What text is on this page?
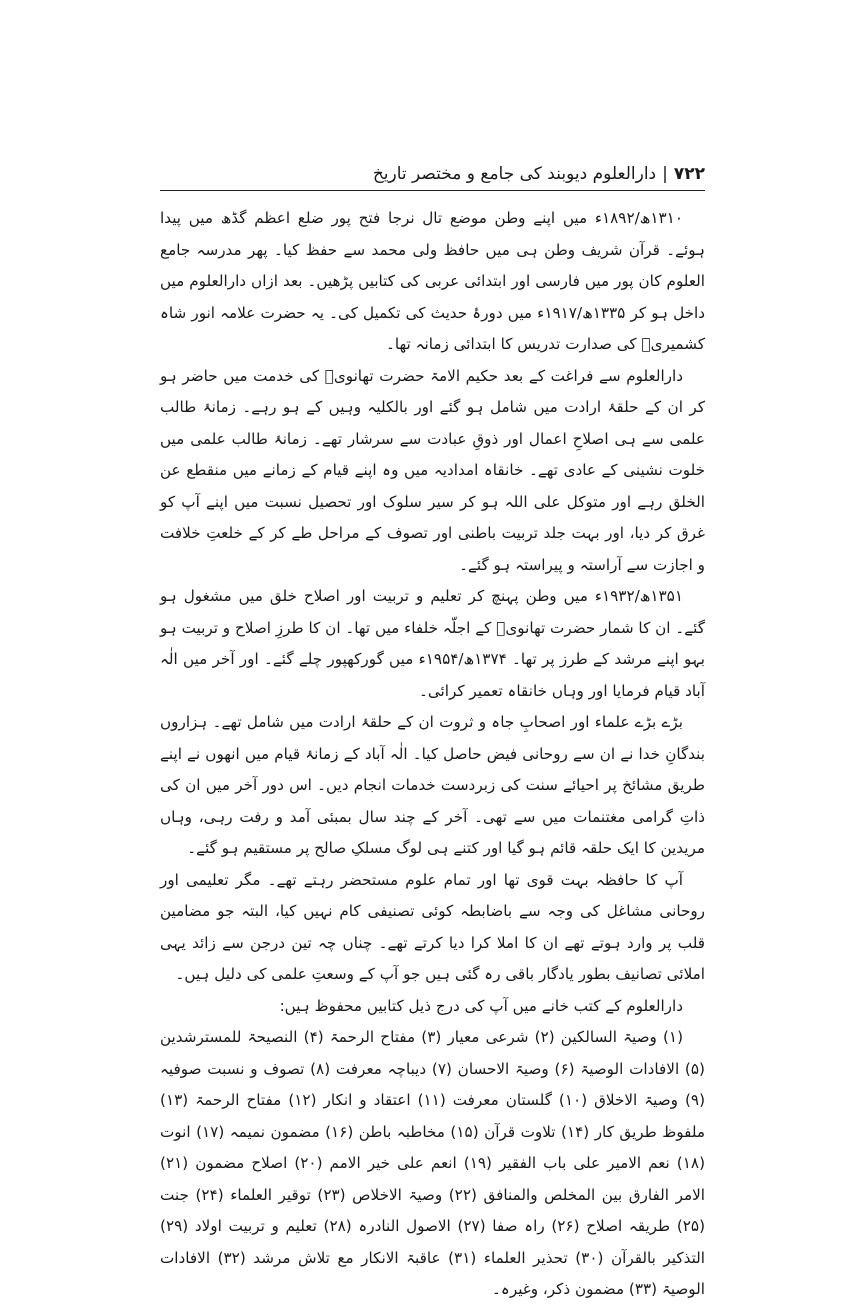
۷۲۲|دارالعلوم دیوبند کی جامع و مختصر تاریخ

۱۳۱۰ھ/۱۸۹۲ء میں اپنے وطن موضع تال نرجا فتح پور ضلع اعظم گڈھ میں پیدا ہوئے۔ قرآن شریف وطن ہی میں حافظ ولی محمد سے حفظ کیا۔ پھر مدرسہ جامع العلوم کان پور میں فارسی اور ابتدائی عربی کی کتابیں پڑھیں۔ بعد ازاں دارالعلوم میں داخل ہو کر ۱۳۳۵ھ/۱۹۱۷ء میں دورۂ حدیث کی تکمیل کی۔ یہ حضرت علامہ انور شاہ کشمیریؒ کی صدارت تدریس کا ابتدائی زمانہ تھا۔

دارالعلوم سے فراغت کے بعد حکیم الامۃ حضرت تھانویؒ کی خدمت میں حاضر ہو کر ان کے حلقۂ ارادت میں شامل ہو گئے اور بالکلیہ وہیں کے ہو رہے۔ زمانۂ طالب علمی سے ہی اصلاحِ اعمال اور ذوقِ عبادت سے سرشار تھے۔ زمانۂ طالب علمی میں خلوت نشینی کے عادی تھے۔ خانقاہ امدادیہ میں وہ اپنے قیام کے زمانے میں منقطع عن الخلق رہے اور متوکل علی اللہ ہو کر سیر سلوک اور تحصیل نسبت میں اپنے آپ کو غرق کر دیا، اور بہت جلد تربیت باطنی اور تصوف کے مراحل طے کر کے خلعتِ خلافت و اجازت سے آراستہ و پیراستہ ہو گئے۔

۱۳۵۱ھ/۱۹۳۲ء میں وطن پہنچ کر تعلیم و تربیت اور اصلاح خلق میں مشغول ہو گئے۔ ان کا شمار حضرت تھانویؒ کے اجلّہ خلفاء میں تھا۔ ان کا طرزِ اصلاح و تربیت ہو بہو اپنے مرشد کے طرز پر تھا۔ ۱۳۷۴ھ/۱۹۵۴ء میں گورکھپور چلے گئے۔ اور آخر میں الٰہ آباد قیام فرمایا اور وہاں خانقاہ تعمیر کرائی۔

بڑے بڑے علماء اور اصحابِ جاہ و ثروت ان کے حلقۂ ارادت میں شامل تھے۔ ہزاروں بندگانِ خدا نے ان سے روحانی فیض حاصل کیا۔ الٰہ آباد کے زمانۂ قیام میں انھوں نے اپنے طریق مشائخ پر احیائے سنت کی زبردست خدمات انجام دیں۔ اس دور آخر میں ان کی ذاتِ گرامی مغتنمات میں سے تھی۔ آخر کے چند سال بمبئی آمد و رفت رہی، وہاں مریدین کا ایک حلقہ قائم ہو گیا اور کتنے ہی لوگ مسلکِ صالح پر مستقیم ہو گئے۔

آپ کا حافظہ بہت قوی تھا اور تمام علوم مستحضر رہتے تھے۔ مگر تعلیمی اور روحانی مشاغل کی وجہ سے باضابطہ کوئی تصنیفی کام نہیں کیا، البتہ جو مضامین قلب پر وارد ہوتے تھے ان کا املا کرا دیا کرتے تھے۔ چناں چہ تین درجن سے زائد یہی املائی تصانیف بطور یادگار باقی رہ گئی ہیں جو آپ کے وسعتِ علمی کی دلیل ہیں۔

دارالعلوم کے کتب خانے میں آپ کی درج ذیل کتابیں محفوظ ہیں:

(۱) وصیۃ السالکین (۲) شرعی معیار (۳) مفتاح الرحمۃ (۴) النصیحۃ للمسترشدین (۵) الافادات الوصیۃ (۶) وصیۃ الاحسان (۷) دیباچہ معرفت (۸) تصوف و نسبت صوفیہ (۹) وصیۃ الاخلاق (۱۰) گلستان معرفت (۱۱) اعتقاد و انکار (۱۲) مفتاح الرحمۃ (۱۳) ملفوظ طریق کار (۱۴) تلاوت قرآن (۱۵) مخاطبہ باطن (۱۶) مضمون نمیمہ (۱۷) انوت (۱۸) نعم الامیر علی باب الفقیر (۱۹) انعم علی خیر الامم (۲۰) اصلاح مضمون (۲۱) الامر الفارق بین المخلص والمنافق (۲۲) وصیۃ الاخلاص (۲۳) توقیر العلماء (۲۴) جنت (۲۵) طریقہ اصلاح (۲۶) راہ صفا (۲۷) الاصول النادرہ (۲۸) تعلیم و تربیت اولاد (۲۹) التذکیر بالقرآن (۳۰) تحذیر العلماء (۳۱) عاقبۃ الانکار مع تلاش مرشد (۳۲) الافادات الوصیۃ (۳۳) مضمون ذکر، وغیرہ۔
